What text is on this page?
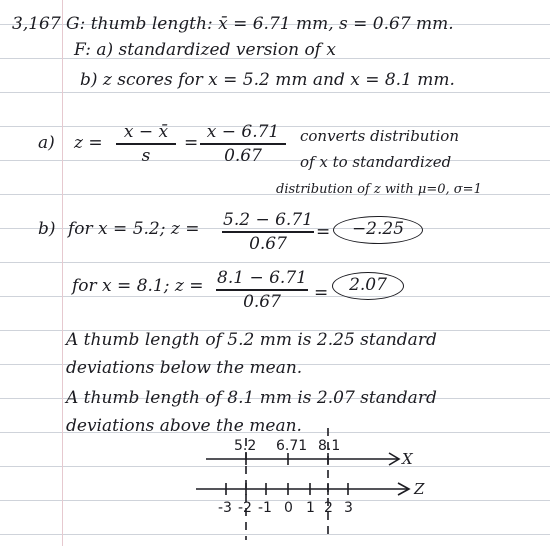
3,167 G: thumb length: x̄ = 6.71 mm, s = 0.67 mm.
F: a) standardized version of x
b) z scores for x = 5.2 mm and x = 8.1 mm.
a) z =
x − x̄
s
=
x − 6.71
0.67
converts distribution
of x to standardized
distribution of z with μ=0, σ=1
b) for x = 5.2; z = 5.2 − 6.71
0.67
=	−2.25
for x = 8.1; z = 8.1 − 6.71
0.67	=	2.07
A thumb length of 5.2 mm is 2.25 standard
deviations below the mean.
A thumb length of 8.1 mm is 2.07 standard
deviations above the mean.
X
5.2 6.71 8.1
Z
-3 -2 -1 0 1 2 3
